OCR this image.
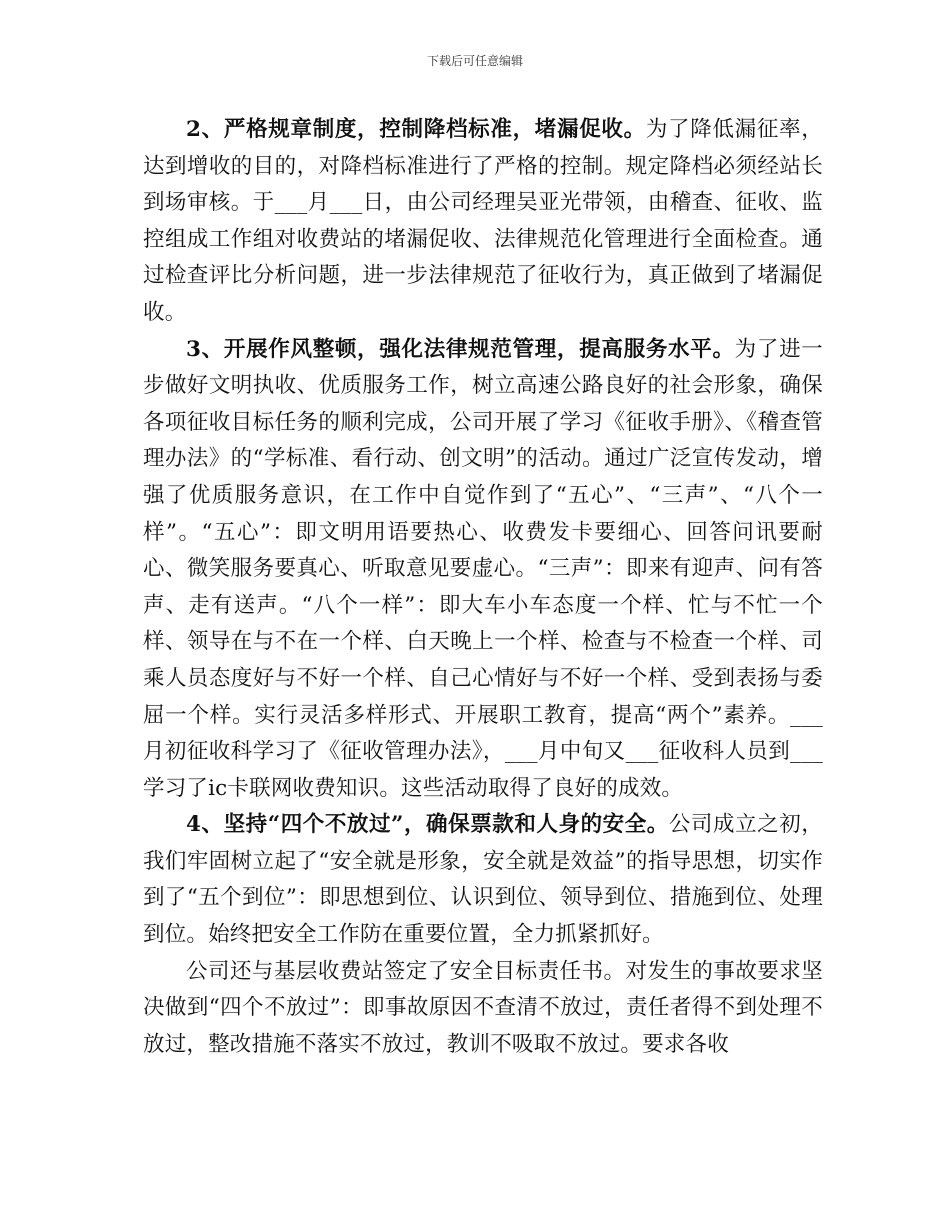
下载后可任意编辑

2、严格规章制度，控制降档标准，堵漏促收。为了降低漏征率，达到增收的目的，对降档标准进行了严格的控制。规定降档必须经站长到场审核。于___月___日，由公司经理吴亚光带领，由稽查、征收、监控组成工作组对收费站的堵漏促收、法律规范化管理进行全面检查。通过检查评比分析问题，进一步法律规范了征收行为，真正做到了堵漏促收。

3、开展作风整顿，强化法律规范管理，提高服务水平。为了进一步做好文明执收、优质服务工作，树立高速公路良好的社会形象，确保各项征收目标任务的顺利完成，公司开展了学习《征收手册》、《稽查管理办法》的“学标准、看行动、创文明”的活动。通过广泛宣传发动，增强了优质服务意识，在工作中自觉作到了“五心”、“三声”、“八个一样”。“五心”：即文明用语要热心、收费发卡要细心、回答问讯要耐心、微笑服务要真心、听取意见要虚心。“三声”：即来有迎声、问有答声、走有送声。“八个一样”：即大车小车态度一个样、忙与不忙一个样、领导在与不在一个样、白天晚上一个样、检查与不检查一个样、司乘人员态度好与不好一个样、自己心情好与不好一个样、受到表扬与委屈一个样。实行灵活多样形式、开展职工教育，提高“两个”素养。___月初征收科学习了《征收管理办法》，___月中旬又___征收科人员到___学习了ic卡联网收费知识。这些活动取得了良好的成效。

4、坚持“四个不放过”，确保票款和人身的安全。公司成立之初，我们牢固树立起了“安全就是形象，安全就是效益”的指导思想，切实作到了“五个到位”：即思想到位、认识到位、领导到位、措施到位、处理到位。始终把安全工作防在重要位置，全力抓紧抓好。

公司还与基层收费站签定了安全目标责任书。对发生的事故要求坚决做到“四个不放过”：即事故原因不查清不放过，责任者得不到处理不放过，整改措施不落实不放过，教训不吸取不放过。要求各收
